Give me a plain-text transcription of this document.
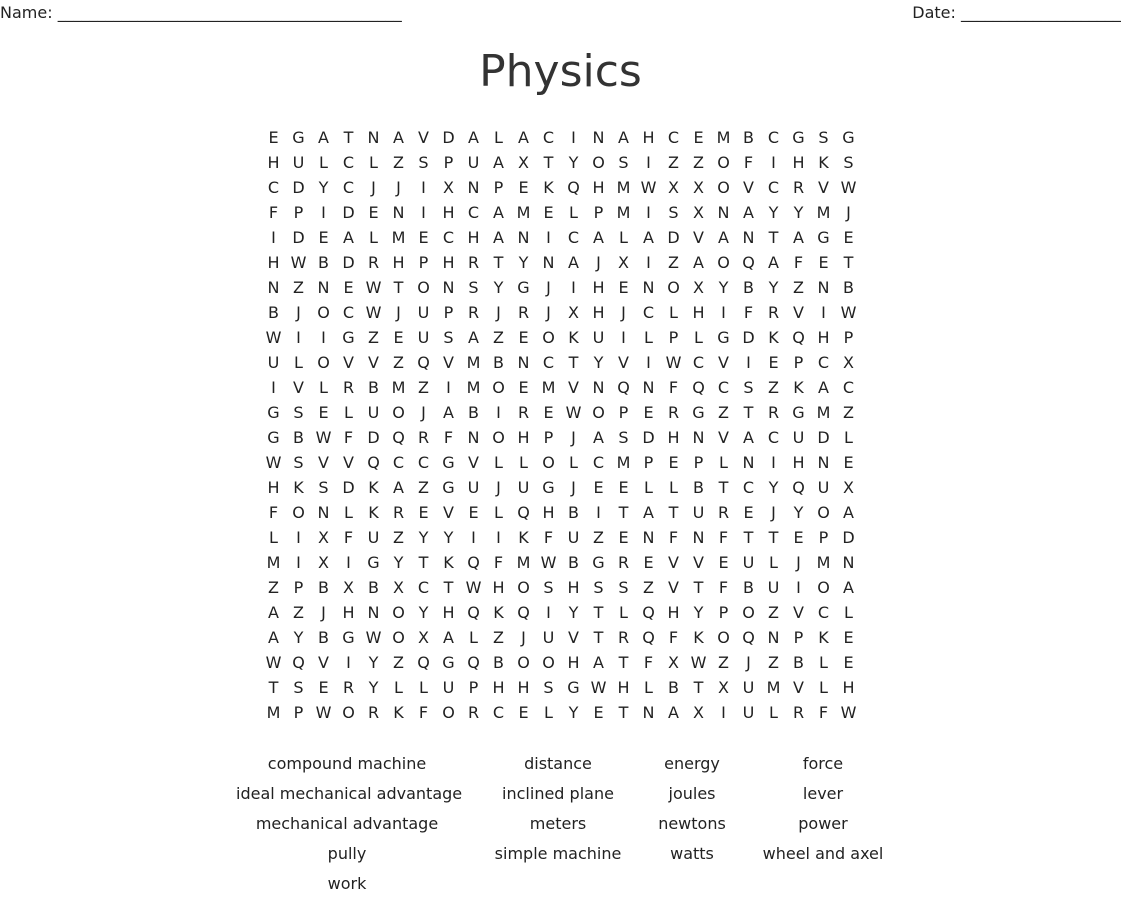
Name: ___________________________________________	Date: ____________________
Physics
E G A T N A V D A L A C	I	N A H C E M B C G S G
H U L C L Z S P U A X T Y O S	I	Z Z O F	I	H K S
C D Y C	J	J	I	X N P E K Q H M W X X O V C R V W
F P	I	D E N	I	H C A M E L P M I	S X N A Y Y M J
I	D E A L M E C H A N	I	C A L A D V A N T A G E
H W B D R H P H R T Y N A	J	X	I	Z A O Q A F E T
N Z N E W T O N S Y G	J	I	H E N O X Y B Y Z N B
B	J	O C W J	U P R	J	R	J	X H	J	C L H	I	F R V	I W
W I	I	G Z E U S A Z E O K U	I	L P L G D K Q H P
U L O V V Z Q V M B N C T Y V	I W C V	I	E P C X
I	V L R B M Z	I M O E M V N Q N F Q C S Z K A C
G S E L U O	J	A B	I	R E W O P E R G Z T R G M Z
G B W F D Q R F N O H P	J	A S D H N V A C U D L
W S V V Q C C G V L	L O L C M P E P L N	I	H N E
H K S D K A Z G U	J	U G	J	E E L	L B T C Y Q U X
F O N L K R E V E L Q H B	I	T A T U R E	J	Y O A
L	I	X F U Z Y Y	I	I	K F U Z E N F N F T T E P D
M I	X	I	G Y T K Q F M W B G R E V V E U L	J M N
Z P B X B X C T W H O S H S S Z V T F B U	I	O A
A Z	J	H N O Y H Q K Q	I	Y T L Q H Y P O Z V C L
A Y B G W O X A L Z	J	U V T R Q F K O Q N P K E
W Q V	I	Y Z Q G Q B O O H A T F X W Z	J	Z B L E
T S E R Y L	L U P H H S G W H L B T X U M V L H
M P W O R K F O R C E L Y E T N A X	I	U L R F W
compound machine
ideal mechanical advantage
mechanical advantage
pully
work
distance
inclined plane
meters
simple machine
energy
joules
newtons
watts
force
lever
power
wheel and axel
